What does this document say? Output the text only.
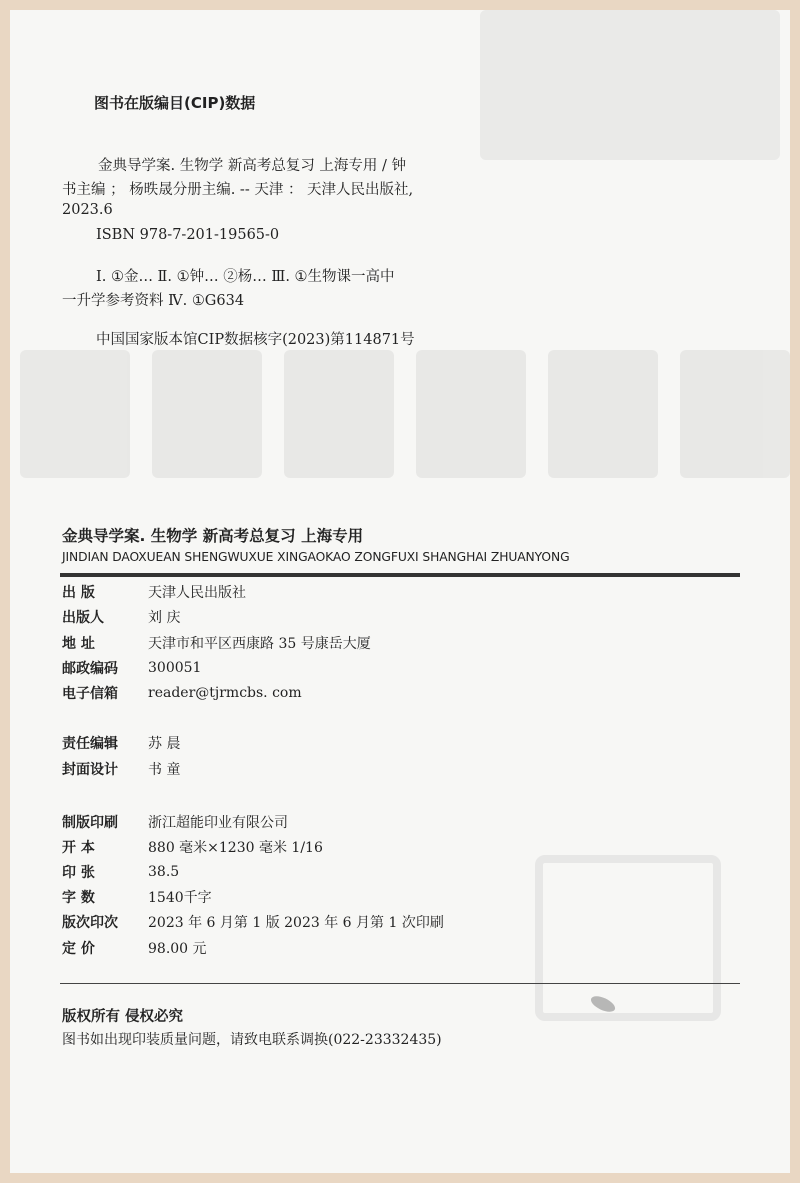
图书在版编目(CIP)数据
金典导学案. 生物学 新高考总复习 上海专用 / 钟
书主编 ； 杨昳晟分册主编. -- 天津 ： 天津人民出版社,
2023.6
ISBN 978-7-201-19565-0
Ⅰ. ①金… Ⅱ. ①钟… ②杨… Ⅲ. ①生物课一高中
一升学参考资料 Ⅳ. ①G634
中国国家版本馆CIP数据核字(2023)第114871号
金典导学案. 生物学 新高考总复习 上海专用
JINDIAN DAOXUEAN SHENGWUXUE XINGAOKAO ZONGFUXI SHANGHAI ZHUANYONG
出 版	天津人民出版社
出版人	刘 庆
地 址	天津市和平区西康路 35 号康岳大厦
邮政编码	300051
电子信箱	reader@tjrmcbs. com
责任编辑	苏 晨
封面设计	书 童
制版印刷	浙江超能印业有限公司
开 本	880 毫米×1230 毫米 1/16
印 张	38.5
字 数	1540千字
版次印次	2023 年 6 月第 1 版 2023 年 6 月第 1 次印刷
定 价	98.00 元
版权所有 侵权必究
图书如出现印装质量问题，请致电联系调换(022-23332435)
